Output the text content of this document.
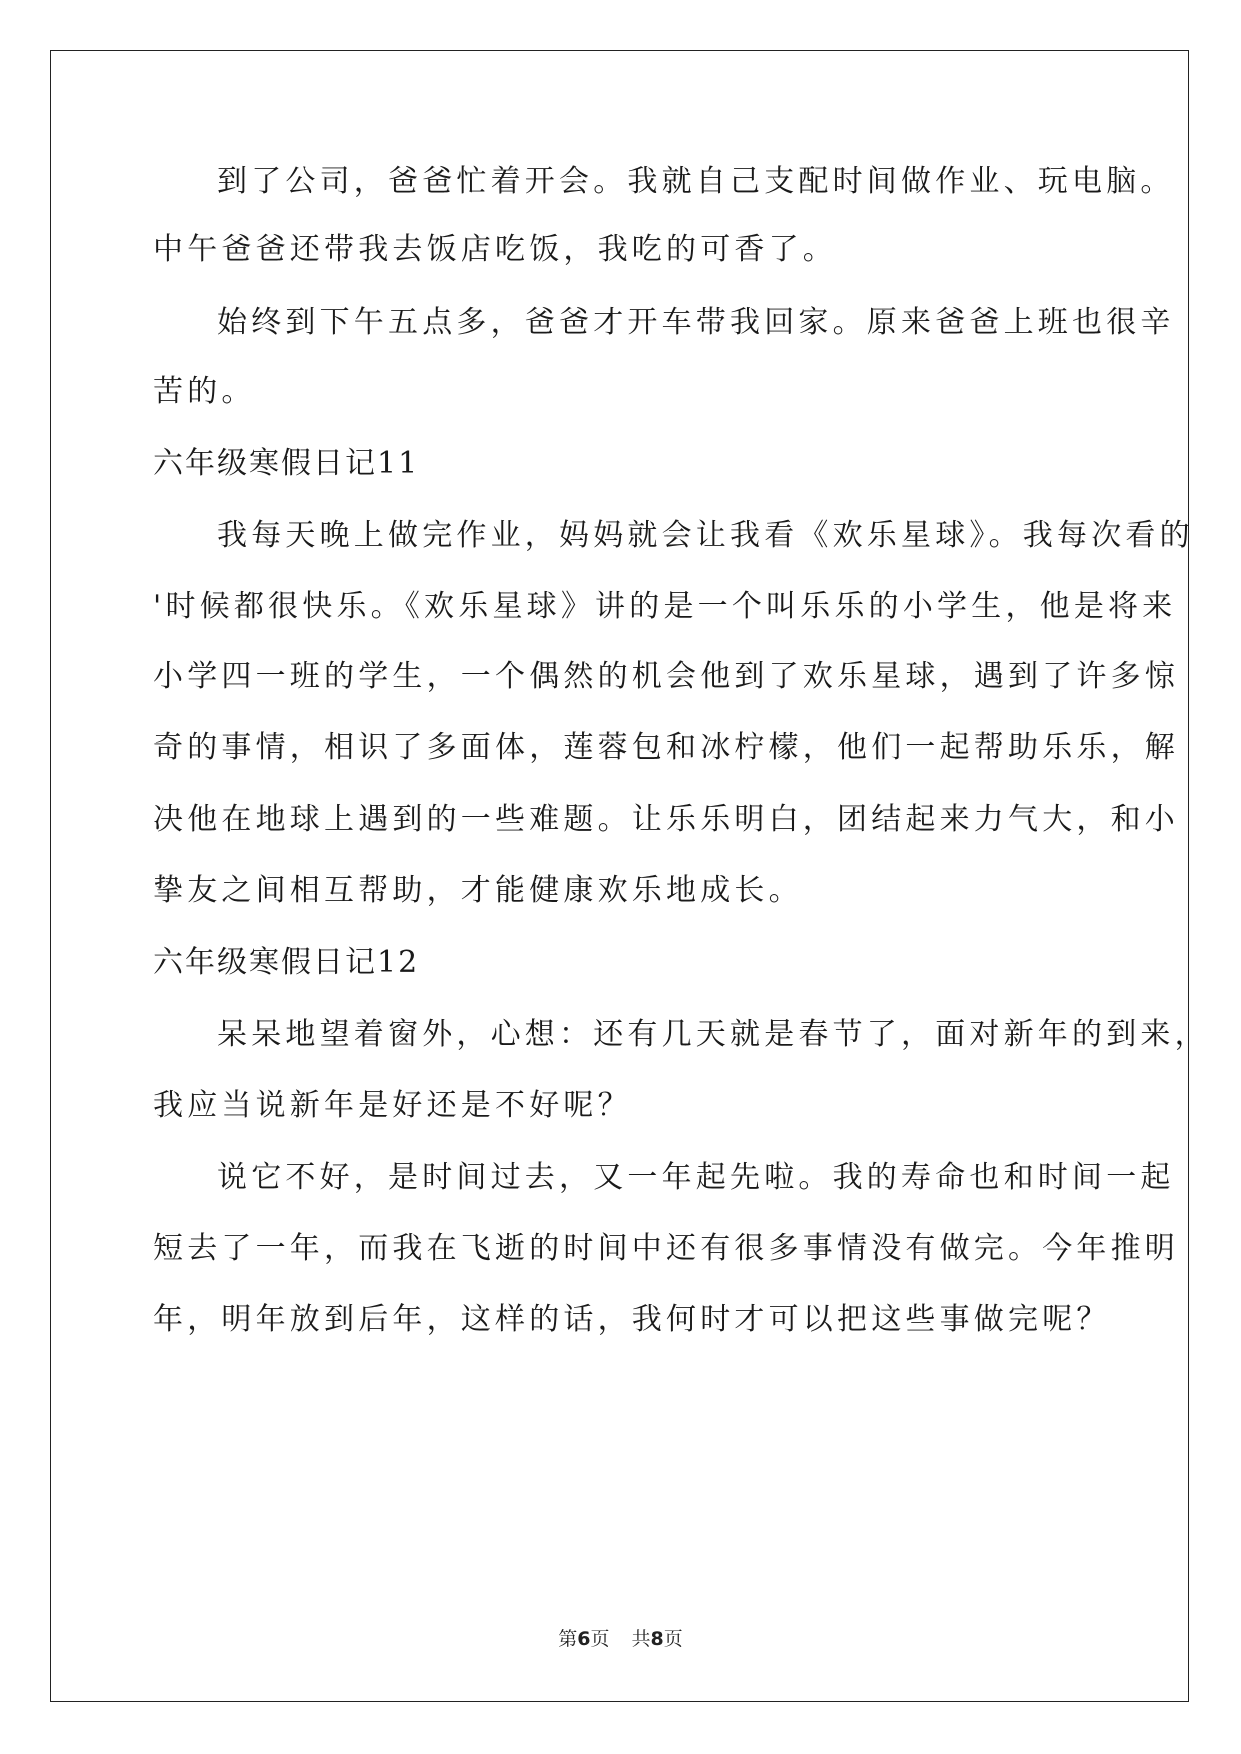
到了公司，爸爸忙着开会。我就自己支配时间做作业、玩电脑。
中午爸爸还带我去饭店吃饭，我吃的可香了。
始终到下午五点多，爸爸才开车带我回家。原来爸爸上班也很辛
苦的。
六年级寒假日记11
我每天晚上做完作业，妈妈就会让我看《欢乐星球》。我每次看的
'时候都很快乐。《欢乐星球》讲的是一个叫乐乐的小学生，他是将来
小学四一班的学生，一个偶然的机会他到了欢乐星球，遇到了许多惊
奇的事情，相识了多面体，莲蓉包和冰柠檬，他们一起帮助乐乐，解
决他在地球上遇到的一些难题。让乐乐明白，团结起来力气大，和小
挚友之间相互帮助，才能健康欢乐地成长。
六年级寒假日记12
呆呆地望着窗外，心想：还有几天就是春节了，面对新年的到来，
我应当说新年是好还是不好呢？
说它不好，是时间过去，又一年起先啦。我的寿命也和时间一起
短去了一年，而我在飞逝的时间中还有很多事情没有做完。今年推明
年，明年放到后年，这样的话，我何时才可以把这些事做完呢？
第6页 共8页
